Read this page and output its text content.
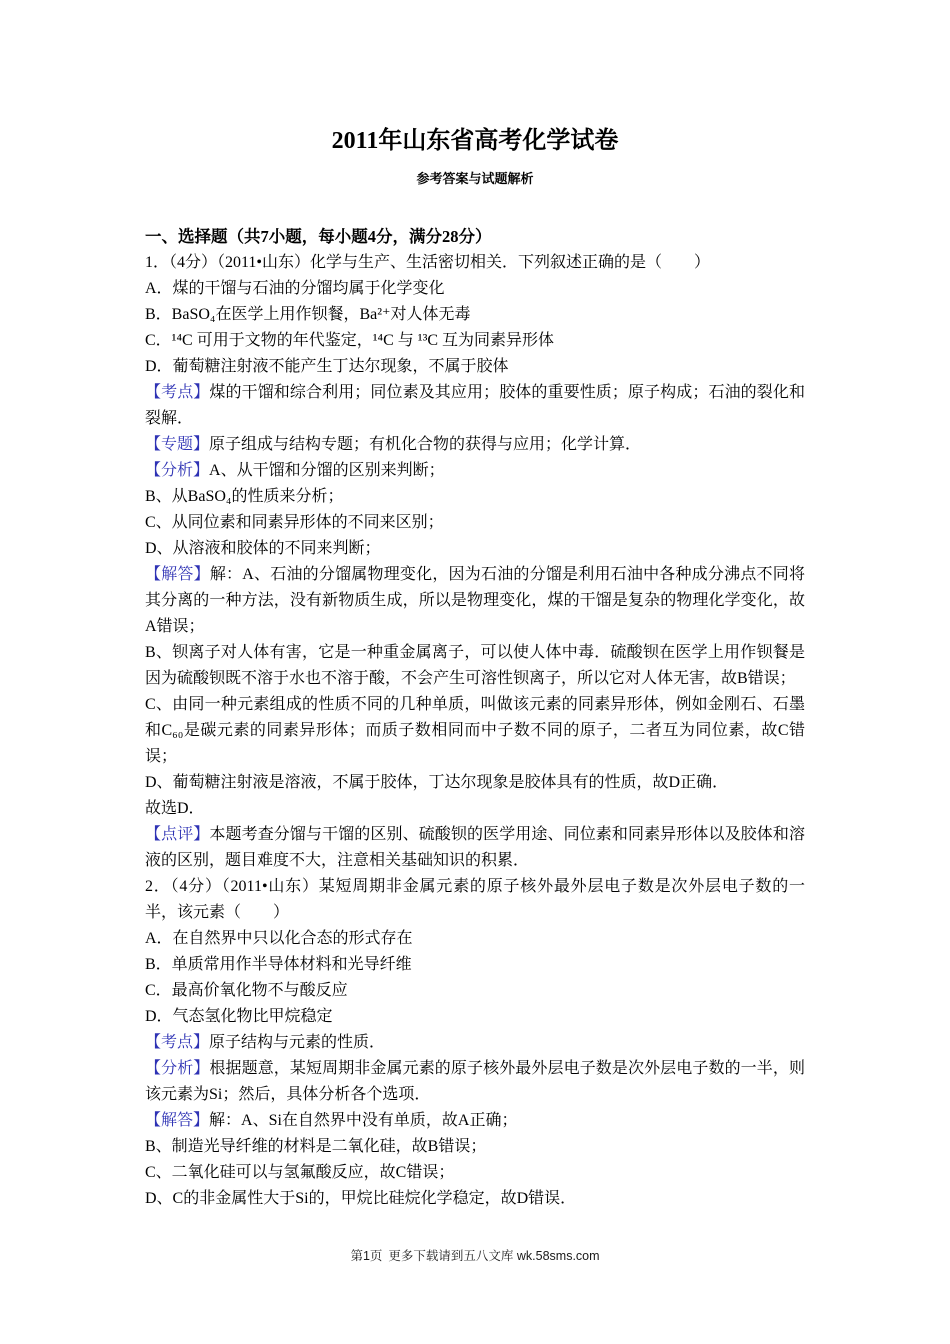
2011年山东省高考化学试卷
参考答案与试题解析
一、选择题（共7小题，每小题4分，满分28分）

1．（4分）（2011•山东）化学与生产、生活密切相关．下列叙述正确的是（　　）

A．煤的干馏与石油的分馏均属于化学变化

B．BaSO₄在医学上用作钡餐，Ba²⁺对人体无毒

C．¹⁴C 可用于文物的年代鉴定，¹⁴C 与 ¹³C 互为同素异形体

D．葡萄糖注射液不能产生丁达尔现象，不属于胶体

【考点】煤的干馏和综合利用；同位素及其应用；胶体的重要性质；原子构成；石油的裂化和裂解．

【专题】原子组成与结构专题；有机化合物的获得与应用；化学计算．

【分析】A、从干馏和分馏的区别来判断；

B、从BaSO₄的性质来分析；

C、从同位素和同素异形体的不同来区别；

D、从溶液和胶体的不同来判断；

【解答】解：A、石油的分馏属物理变化，因为石油的分馏是利用石油中各种成分沸点不同将其分离的一种方法，没有新物质生成，所以是物理变化，煤的干馏是复杂的物理化学变化，故A错误；

B、钡离子对人体有害，它是一种重金属离子，可以使人体中毒．硫酸钡在医学上用作钡餐是因为硫酸钡既不溶于水也不溶于酸，不会产生可溶性钡离子，所以它对人体无害，故B错误；

C、由同一种元素组成的性质不同的几种单质，叫做该元素的同素异形体，例如金刚石、石墨和C₆₀是碳元素的同素异形体；而质子数相同而中子数不同的原子，二者互为同位素，故C错误；

D、葡萄糖注射液是溶液，不属于胶体，丁达尔现象是胶体具有的性质，故D正确．

故选D．

【点评】本题考查分馏与干馏的区别、硫酸钡的医学用途、同位素和同素异形体以及胶体和溶液的区别，题目难度不大，注意相关基础知识的积累．

2．（4分）（2011•山东）某短周期非金属元素的原子核外最外层电子数是次外层电子数的一半，该元素（　　）

A．在自然界中只以化合态的形式存在

B．单质常用作半导体材料和光导纤维

C．最高价氧化物不与酸反应

D．气态氢化物比甲烷稳定

【考点】原子结构与元素的性质．

【分析】根据题意，某短周期非金属元素的原子核外最外层电子数是次外层电子数的一半，则该元素为Si；然后，具体分析各个选项．

【解答】解：A、Si在自然界中没有单质，故A正确；

B、制造光导纤维的材料是二氧化硅，故B错误；

C、二氧化硅可以与氢氟酸反应，故C错误；

D、C的非金属性大于Si的，甲烷比硅烷化学稳定，故D错误．

第1页 更多下载请到五八文库 wk.58sms.com
